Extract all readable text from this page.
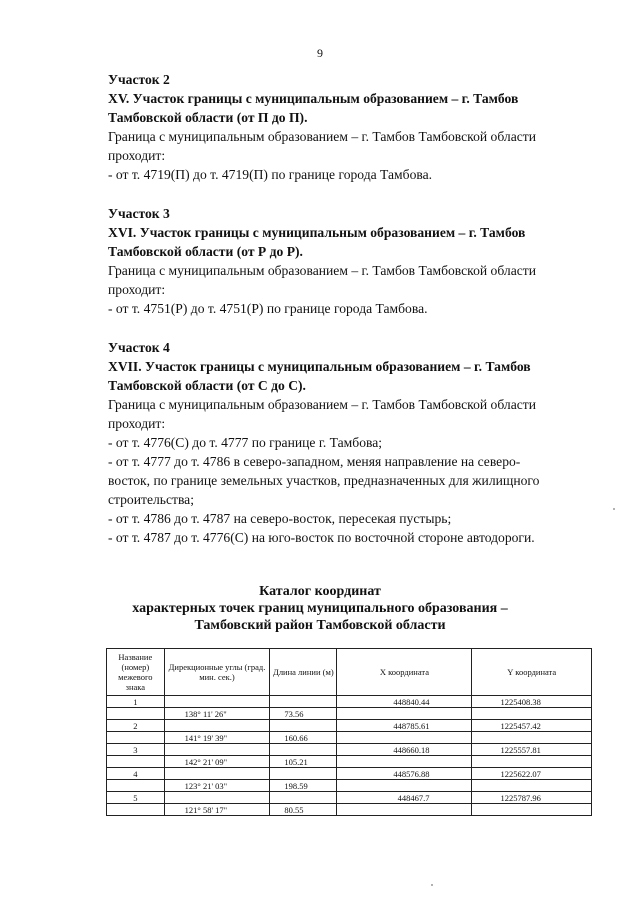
9
Участок 2
XV. Участок границы с муниципальным образованием – г. Тамбов
Тамбовской области (от П до П).
Граница с муниципальным образованием – г. Тамбов Тамбовской области
проходит:
- от т. 4719(П) до т. 4719(П) по границе города Тамбова.
Участок 3
XVI. Участок границы с муниципальным образованием – г. Тамбов
Тамбовской области (от Р до Р).
Граница с муниципальным образованием – г. Тамбов Тамбовской области
проходит:
- от т. 4751(Р) до т. 4751(Р) по границе города Тамбова.
Участок 4
XVII. Участок границы с муниципальным образованием – г. Тамбов
Тамбовской области (от С до С).
Граница с муниципальным образованием – г. Тамбов Тамбовской области
проходит:
- от т. 4776(С) до т. 4777 по границе г. Тамбова;
- от т. 4777 до т. 4786 в северо-западном, меняя направление на северо-
восток, по границе земельных участков, предназначенных для жилищного
строительства;
- от т. 4786 до т. 4787 на северо-восток, пересекая пустырь;
- от т. 4787 до т. 4776(С) на юго-восток по восточной стороне автодороги.
Каталог координат
характерных точек границ муниципального образования –
Тамбовский район Тамбовской области
Название (номер) межевого знака	Дирекционные углы (град. мин. сек.)	Длина линии (м)	X координата	Y координата
1			448840.44	1225408.38
	138° 11' 26"	73.56		
2			448785.61	1225457.42
	141° 19' 39"	160.66		
3			448660.18	1225557.81
	142° 21' 09"	105.21		
4			448576.88	1225622.07
	123° 21' 03"	198.59		
5			448467.7	1225787.96
	121° 58' 17"	80.55		
